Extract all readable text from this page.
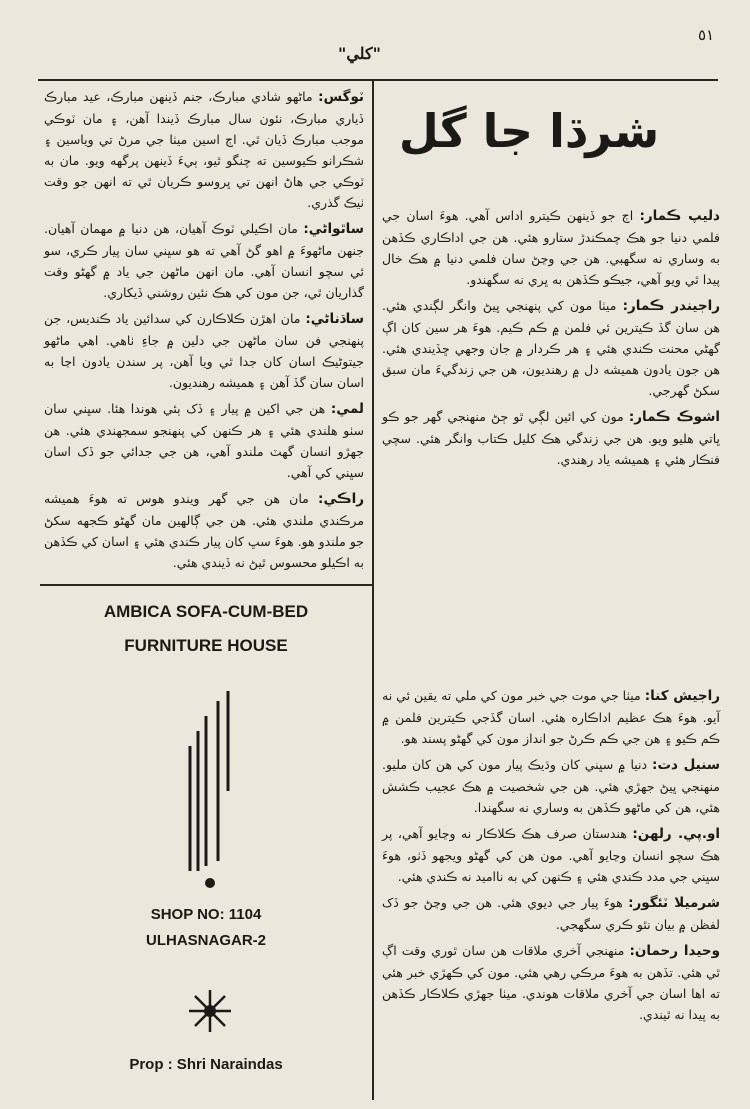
٥١
"کلي"
شرڌا جا گل

ٽوگس: ماڻهو شادي مبارڪ، جنم ڏينهن مبارڪ، عيد مبارڪ ڏياري مبارڪ، نئون سال مبارڪ ڏيندا آهن، ۽ مان ٽوڪي موجب مبارڪ ڏيان ٿي. اڄ اسين ميٺا جي مرڻ تي وياسين ۽ شڪرانو ڪيوسين ته چنگو ٿيو، ٻيءَ ڏينهن پرگهه ويو. مان به ٽوڪي جي هاڻ انهن تي ڀروسو ڪريان ٿي ته انهن جو وقت ٺيڪ گذري.

ساٿواڻي: مان اڪيلي ٽوڪ آهيان، هن دنيا ۾ مهمان آهيان. جنهن ماڻهوءَ ۾ اهو گڻ آهي ته هو سڀني سان پيار ڪري، سو ئي سچو انسان آهي. مان انهن ماڻهن جي ياد ۾ گهڻو وقت گذاريان ٿي، جن مون کي هڪ نئين روشني ڏيکاري.

ساڌناڻي: مان اهڙن ڪلاڪارن کي سدائين ياد ڪنديس، جن پنهنجي فن سان ماڻهن جي دلين ۾ جاءِ ٺاهي. اهي ماڻهو جيتوڻيڪ اسان کان جدا ٿي ويا آهن، پر سندن يادون اڃا به اسان سان گڏ آهن ۽ هميشه رهنديون.

لمي: هن جي اکين ۾ پيار ۽ ڏک ٻئي هوندا هئا. سڀني سان سٺو هلندي هئي ۽ هر ڪنهن کي پنهنجو سمجهندي هئي. هن جهڙو انسان گهٽ ملندو آهي، هن جي جدائي جو ڏک اسان سڀني کي آهي.

راڪي: مان هن جي گهر ويندو هوس ته هوءَ هميشه مرڪندي ملندي هئي. هن جي ڳالهين مان گهڻو ڪجهه سکڻ جو ملندو هو. هوءَ سڀ کان پيار ڪندي هئي ۽ اسان کي ڪڏهن به اڪيلو محسوس ٿيڻ نه ڏيندي هئي.

دليپ ڪمار: اڄ جو ڏينهن ڪيترو اداس آهي. هوءَ اسان جي فلمي دنيا جو هڪ چمڪندڙ ستارو هئي. هن جي اداڪاري ڪڏهن به وساري نه سگهبي. هن جي وڃڻ سان فلمي دنيا ۾ هڪ خال پيدا ٿي ويو آهي، جيڪو ڪڏهن به ڀري نه سگهندو.

راجيندر ڪمار: ميٺا مون کي پنهنجي ڀيڻ وانگر لڳندي هئي. هن سان گڏ ڪيترين ئي فلمن ۾ ڪم ڪيم. هوءَ هر سين کان اڳ گهڻي محنت ڪندي هئي ۽ هر ڪردار ۾ جان وجهي ڇڏيندي هئي. هن جون يادون هميشه دل ۾ رهنديون، هن جي زندگيءَ مان سبق سکڻ گهرجي.

اشوڪ ڪمار: مون کي ائين لڳي ٿو ڄڻ منهنجي گهر جو ڪو ڀاتي هليو ويو. هن جي زندگي هڪ کليل ڪتاب وانگر هئي. سچي فنڪار هئي ۽ هميشه ياد رهندي.

راجيش کنا: ميٺا جي موت جي خبر مون کي ملي ته يقين ئي نه آيو. هوءَ هڪ عظيم اداڪاره هئي. اسان گڏجي ڪيترين فلمن ۾ ڪم ڪيو ۽ هن جي ڪم ڪرڻ جو انداز مون کي گهڻو پسند هو.

سنيل دت: دنيا ۾ سڀني کان وڌيڪ پيار مون کي هن کان مليو. منهنجي ڀيڻ جهڙي هئي. هن جي شخصيت ۾ هڪ عجيب ڪشش هئي، هن کي ماڻهو ڪڏهن به وساري نه سگهندا.

او.پي. رلهن: هندستان صرف هڪ ڪلاڪار نه وڃايو آهي، پر هڪ سچو انسان وڃايو آهي. مون هن کي گهڻو ويجهو ڏٺو، هوءَ سڀني جي مدد ڪندي هئي ۽ ڪنهن کي به نااميد نه ڪندي هئي.

شرميلا ٽئگور: هوءَ پيار جي ديوي هئي. هن جي وڃڻ جو ڏک لفظن ۾ بيان نٿو ڪري سگهجي.

وحيدا رحمان: منهنجي آخري ملاقات هن سان ٿوري وقت اڳ ٿي هئي. تڏهن به هوءَ مرڪي رهي هئي. مون کي ڪهڙي خبر هئي ته اها اسان جي آخري ملاقات هوندي. ميٺا جهڙي ڪلاڪار ڪڏهن به پيدا نه ٿيندي.

AMBICA SOFA-CUM-BED
FURNITURE HOUSE
SHOP NO: 1104
ULHASNAGAR-2
Prop : Shri Naraindas
